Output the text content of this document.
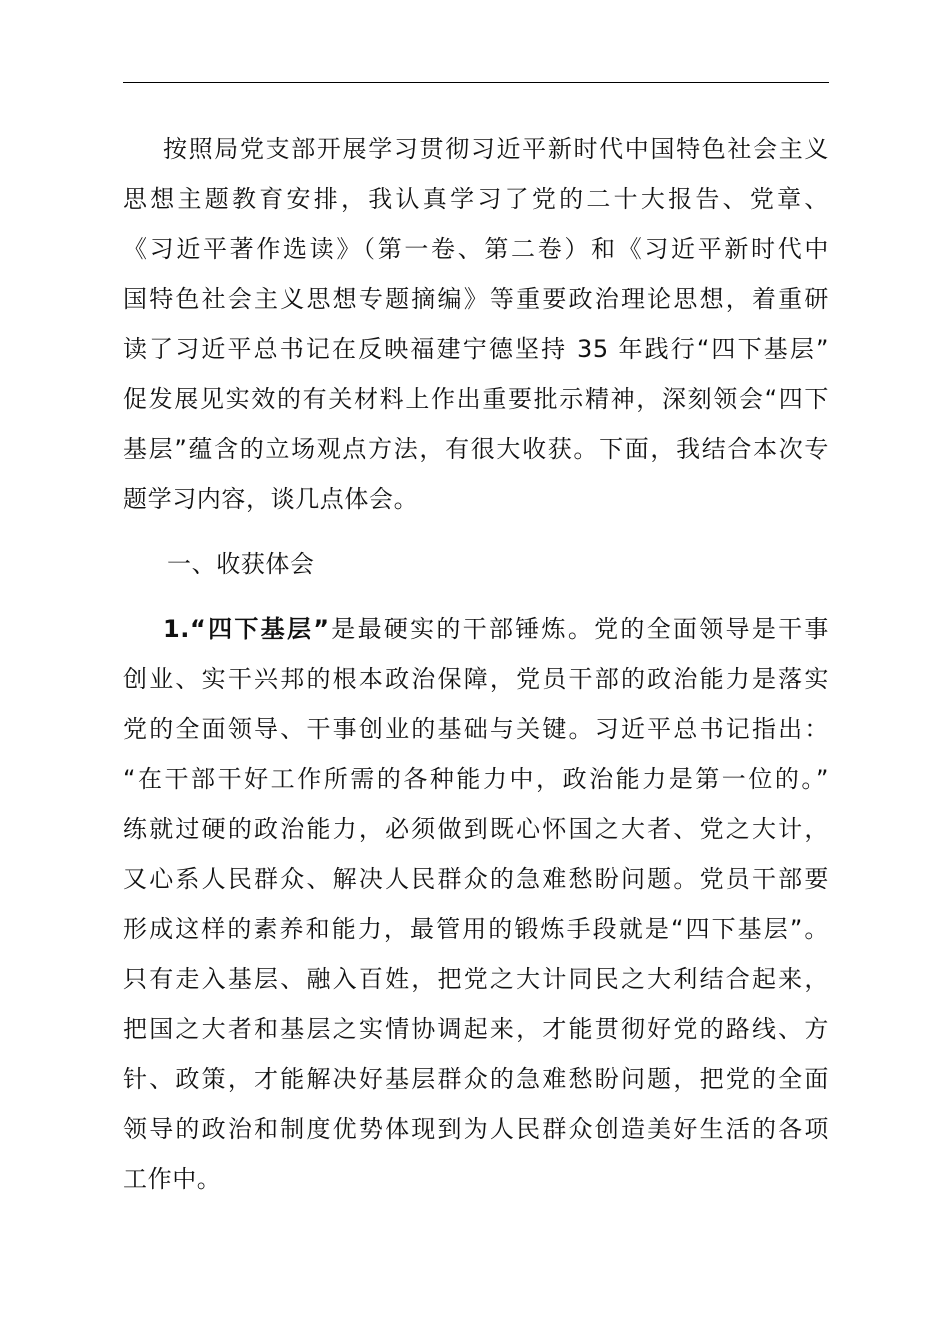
按照局党支部开展学习贯彻习近平新时代中国特色社会主义
思想主题教育安排，我认真学习了党的二十大报告、党章、
《习近平著作选读》（第一卷、第二卷）和《习近平新时代中
国特色社会主义思想专题摘编》等重要政治理论思想，着重研
读了习近平总书记在反映福建宁德坚持 35 年践行“四下基层”
促发展见实效的有关材料上作出重要批示精神，深刻领会“四下
基层”蕴含的立场观点方法，有很大收获。下面，我结合本次专
题学习内容，谈几点体会。
一、收获体会
1.“四下基层”是最硬实的干部锤炼。党的全面领导是干事
创业、实干兴邦的根本政治保障，党员干部的政治能力是落实
党的全面领导、干事创业的基础与关键。习近平总书记指出：
“在干部干好工作所需的各种能力中，政治能力是第一位的。”
练就过硬的政治能力，必须做到既心怀国之大者、党之大计，
又心系人民群众、解决人民群众的急难愁盼问题。党员干部要
形成这样的素养和能力，最管用的锻炼手段就是“四下基层”。
只有走入基层、融入百姓，把党之大计同民之大利结合起来，
把国之大者和基层之实情协调起来，才能贯彻好党的路线、方
针、政策，才能解决好基层群众的急难愁盼问题，把党的全面
领导的政治和制度优势体现到为人民群众创造美好生活的各项
工作中。
